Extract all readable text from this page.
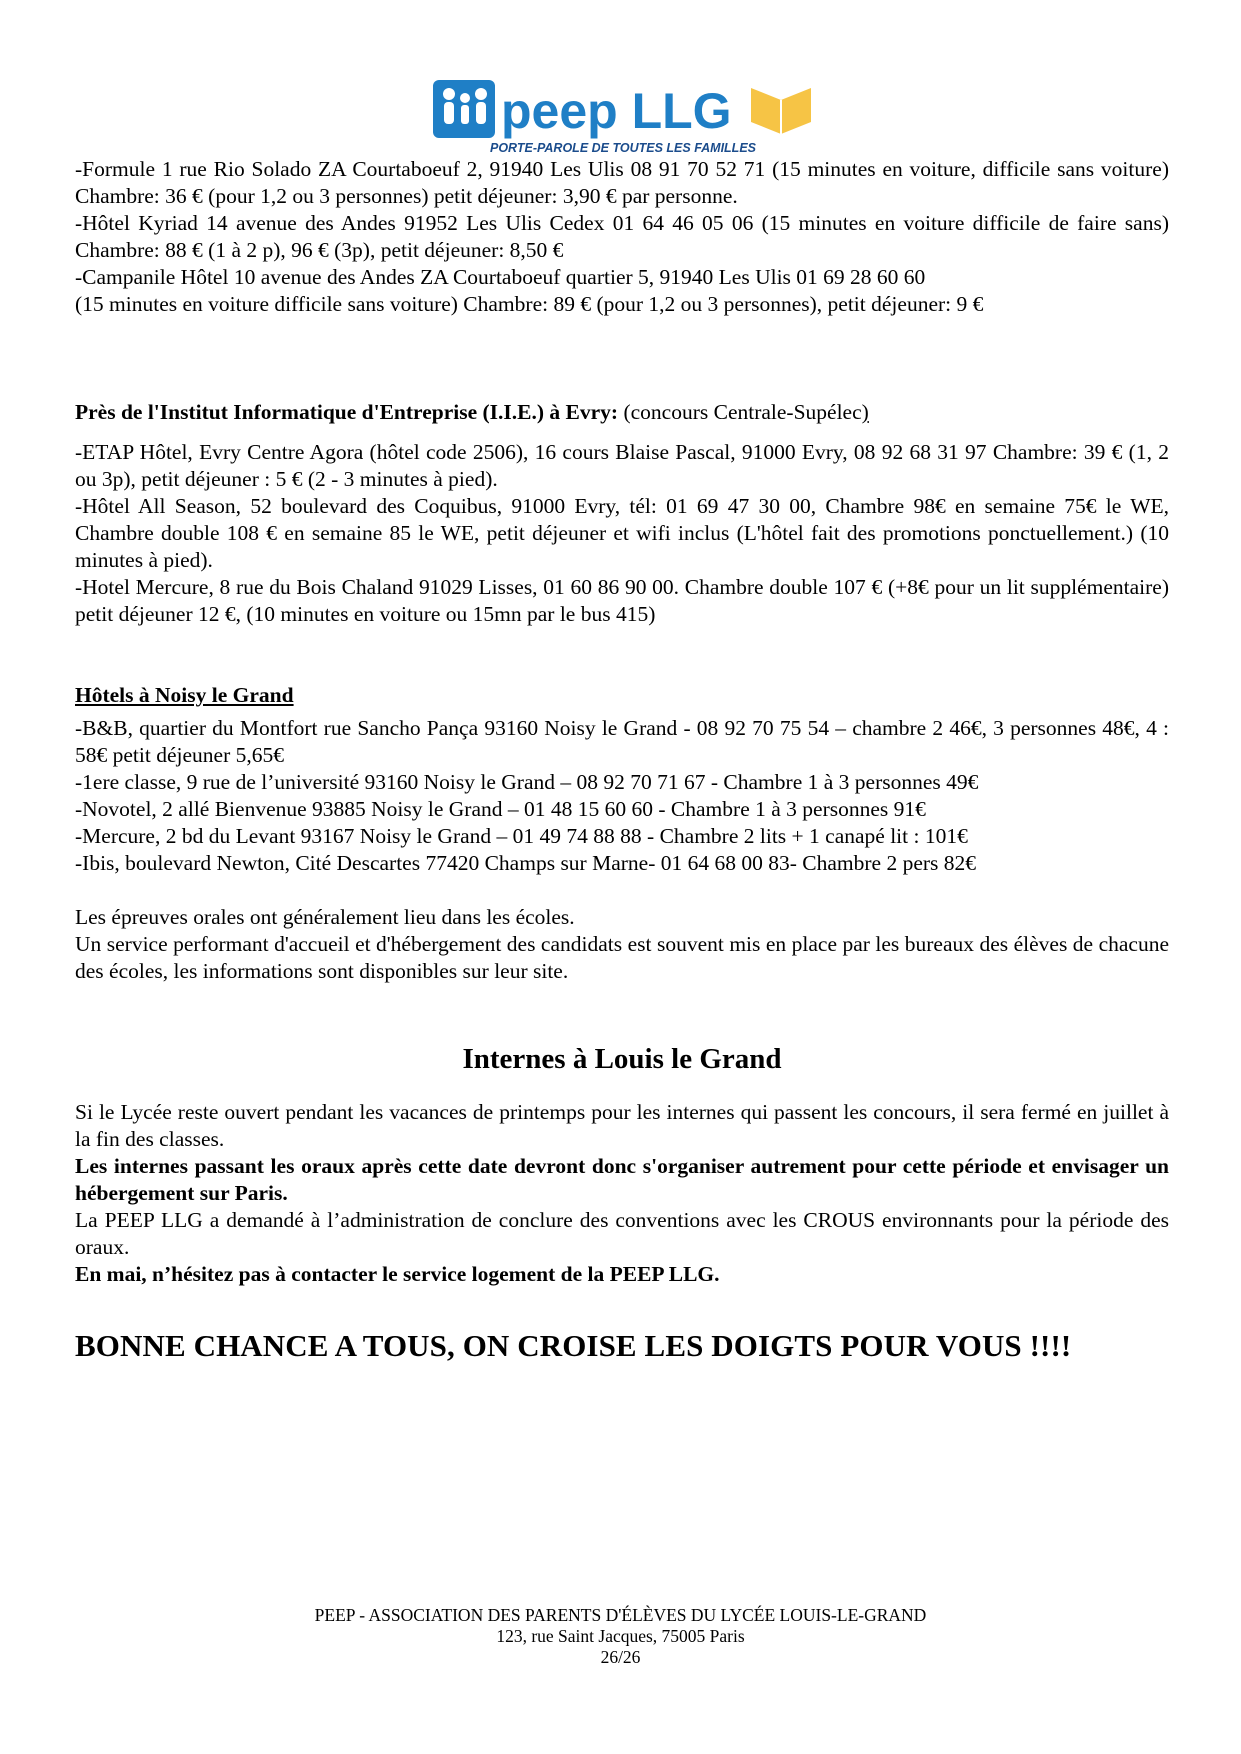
peep LLG
PORTE-PAROLE DE TOUTES LES FAMILLES

-Formule 1 rue Rio Solado ZA Courtaboeuf 2, 91940 Les Ulis 08 91 70 52 71 (15 minutes en voiture, difficile sans voiture) Chambre: 36 € (pour 1,2 ou 3 personnes) petit déjeuner: 3,90 € par personne.

-Hôtel Kyriad 14 avenue des Andes 91952 Les Ulis Cedex 01 64 46 05 06 (15 minutes en voiture difficile de faire sans) Chambre: 88 € (1 à 2 p), 96 € (3p), petit déjeuner: 8,50 €

-Campanile Hôtel 10 avenue des Andes ZA Courtaboeuf quartier 5, 91940 Les Ulis 01 69 28 60 60

(15 minutes en voiture difficile sans voiture) Chambre: 89 € (pour 1,2 ou 3 personnes), petit déjeuner: 9 €

Près de l'Institut Informatique d'Entreprise (I.I.E.) à Evry: (concours Centrale-Supélec)

-ETAP Hôtel, Evry Centre Agora (hôtel code 2506), 16 cours Blaise Pascal, 91000 Evry, 08 92 68 31 97 Chambre: 39 € (1, 2 ou 3p), petit déjeuner : 5 € (2 - 3 minutes à pied).

-Hôtel All Season, 52 boulevard des Coquibus, 91000 Evry, tél: 01 69 47 30 00, Chambre 98€ en semaine 75€ le WE, Chambre double 108 € en semaine 85 le WE, petit déjeuner et wifi inclus (L'hôtel fait des promotions ponctuellement.) (10 minutes à pied).

-Hotel Mercure, 8 rue du Bois Chaland 91029 Lisses, 01 60 86 90 00. Chambre double 107 € (+8€ pour un lit supplémentaire) petit déjeuner 12 €, (10 minutes en voiture ou 15mn par le bus 415)

Hôtels à Noisy le Grand

-B&B, quartier du Montfort rue Sancho Pança 93160 Noisy le Grand - 08 92 70 75 54 – chambre 2 46€, 3 personnes 48€, 4 : 58€ petit déjeuner 5,65€

-1ere classe, 9 rue de l’université 93160 Noisy le Grand – 08 92 70 71 67 - Chambre 1 à 3 personnes 49€

-Novotel, 2 allé Bienvenue 93885 Noisy le Grand – 01 48 15 60 60 - Chambre 1 à 3 personnes 91€

-Mercure, 2 bd du Levant 93167 Noisy le Grand – 01 49 74 88 88 - Chambre 2 lits + 1 canapé lit : 101€

-Ibis, boulevard Newton, Cité Descartes 77420 Champs sur Marne- 01 64 68 00 83- Chambre 2 pers 82€

Les épreuves orales ont généralement lieu dans les écoles.

Un service performant d'accueil et d'hébergement des candidats est souvent mis en place par les bureaux des élèves de chacune des écoles, les informations sont disponibles sur leur site.

Internes à Louis le Grand

Si le Lycée reste ouvert pendant les vacances de printemps pour les internes qui passent les concours, il sera fermé en juillet à la fin des classes.

Les internes passant les oraux après cette date devront donc s'organiser autrement pour cette période et envisager un hébergement sur Paris.

La PEEP LLG a demandé à l’administration de conclure des conventions avec les CROUS environnants pour la période des oraux.

En mai, n’hésitez pas à contacter le service logement de la PEEP LLG.

BONNE CHANCE A TOUS, ON CROISE LES DOIGTS POUR VOUS !!!!

PEEP - ASSOCIATION DES PARENTS D'ÉLÈVES DU LYCÉE LOUIS-LE-GRAND
123, rue Saint Jacques, 75005 Paris
26/26
